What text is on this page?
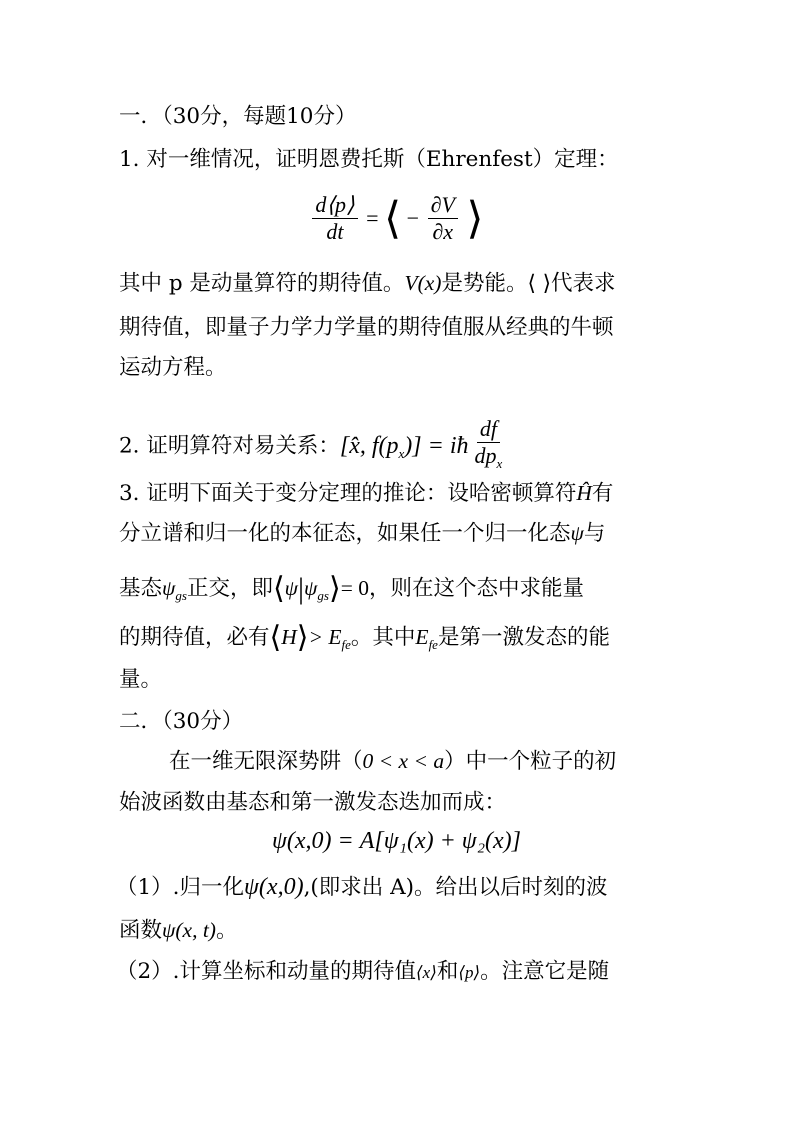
一．（30分，每题10分）
1. 对一维情况，证明恩费托斯（Ehrenfest）定理：
$\frac{d⟨p⟩}{dt}$ = ⟨ − $\frac{\partial V}{\partial x}$ ⟩
其中 p 是动量算符的期待值。V(x)是势能。⟨ ⟩代表求
期待值，即量子力学力学量的期待值服从经典的牛顿
运动方程。
2. 证明算符对易关系：[x̂, $f(p_x)$] = iħ $\frac{df}{dp_x}$
3. 证明下面关于变分定理的推论：设哈密顿算符Ĥ有
分立谱和归一化的本征态，如果任一个归一化态ψ与
基态$\psi_{gs}$正交，即$⟨\psi|\psi_{gs}⟩= 0$，则在这个态中求能量
的期待值，必有⟨H⟩> $E_{fe}$。其中$E_{fe}$是第一激发态的能
量。
二．（30分）
在一维无限深势阱（0 < x < a）中一个粒子的初
始波函数由基态和第一激发态迭加而成：
ψ(x,0) = A[ψ₁(x) + ψ₂(x)]
（1）.归一化ψ(x,0),(即求出 A)。给出以后时刻的波
函数ψ(x, t)。
（2）.计算坐标和动量的期待值⟨x⟩和⟨p⟩。注意它是随
